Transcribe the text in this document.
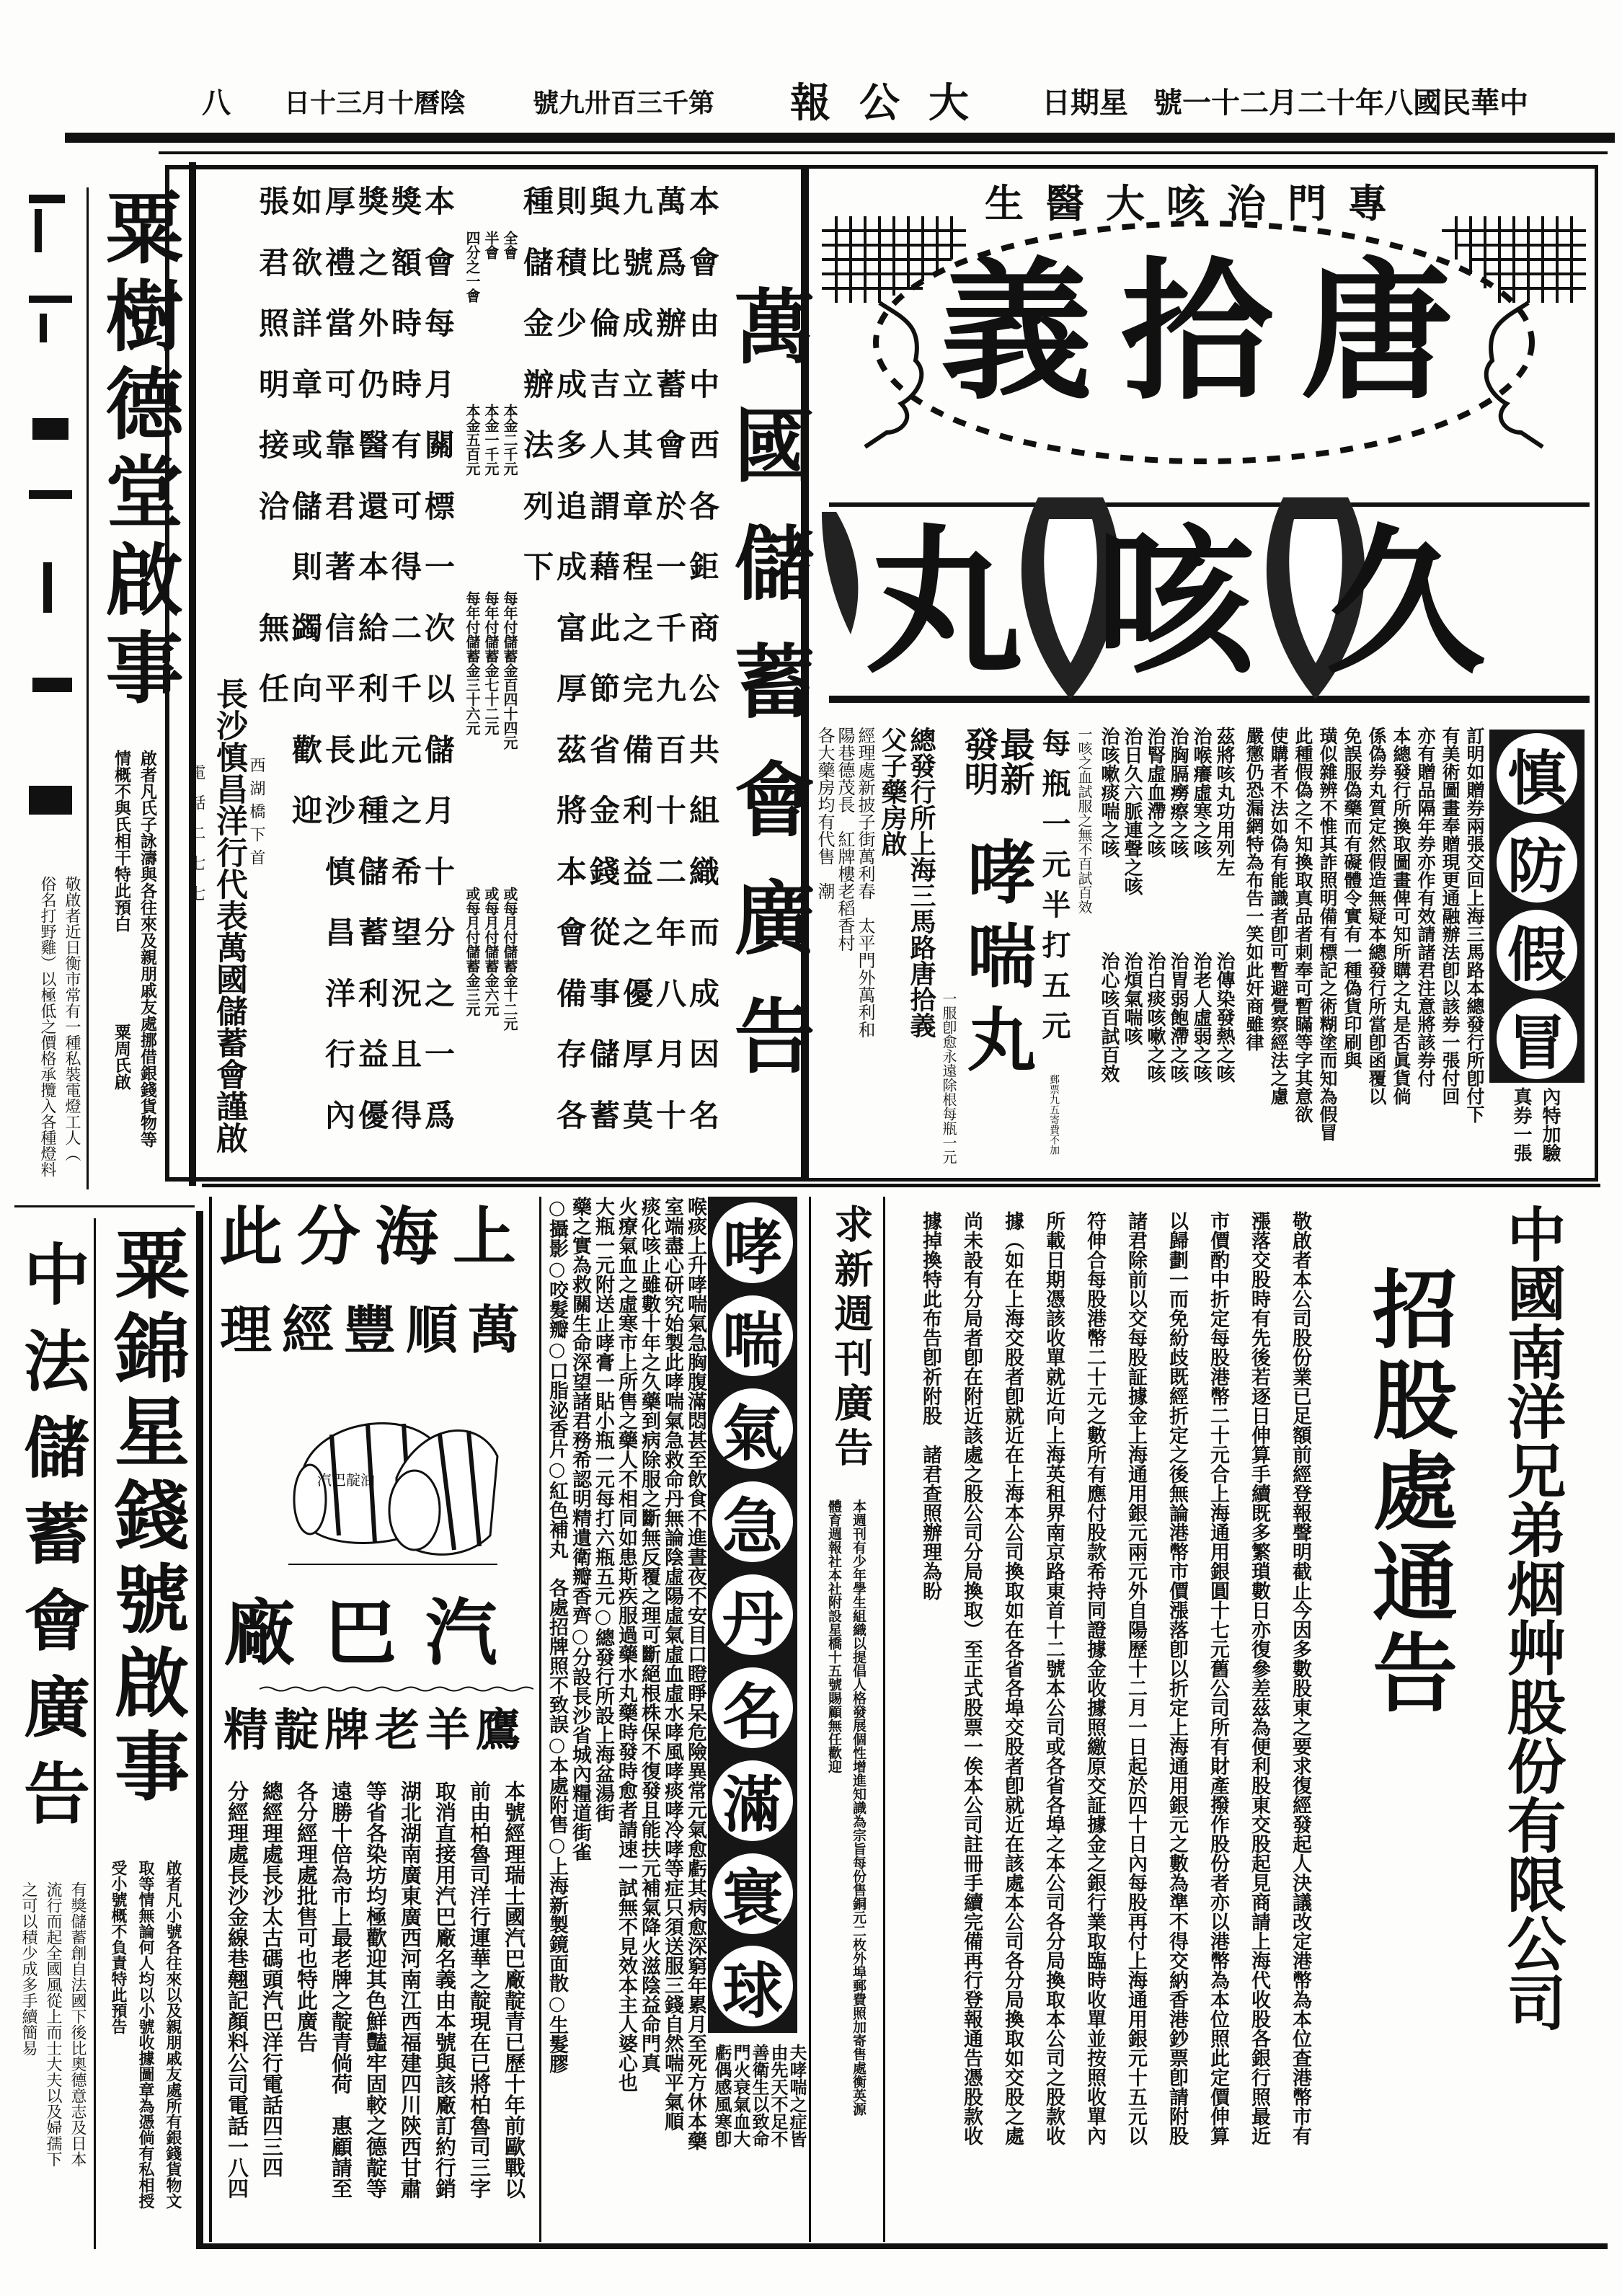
中華民國八年十二月二十一號
星期日
大公報
第千三百卅九號
陰曆十月三十日
八
粟樹德堂啟事
啟者凡氏子詠濤與各往來及親朋戚友處挪借銀錢貨物等
情概不與氏相干特此預白
粟周氏啟
敬啟者近日衡市常有一種私裝電燈工人（
俗名打野雞）以極低之價格承攬入各種燈料
粟錦星錢號啟事
啟者凡小號各往來以及親朋戚友處所有銀錢貨物文
取等情無論何人均以小號收據圖章為憑倘有私相授
受小號概不負責特此預告
中法儲蓄會廣告
有獎儲蓄創自法國下後比奧德意志及日本
流行而起全國風從上而士大夫以及婦孺下
之可以積少成多手續簡易
萬國儲蓄會廣告
本萬九與則種
會爲號比積儲
由辦成倫少金
中蓄立吉成辦
西會其人多法
各於章謂追列
鉅一程藉成下
商千之此富
公九完節厚
共百備省茲
組十利金將
織二益錢本
而年之從會
成八優事備
因月厚儲存
名十莫蓄各
本獎獎厚如張
會額之禮欲君
每時外當詳照
月時仍可章明
關有醫靠或接
標可還君儲洽
一得本著則
次二給信蠲無
以千利平向任
儲元此長歡
月之種沙迎
十希儲慎
分望蓄昌
之況利洋
一且益行
爲得優內
全會
半會
四分之一會
本金二千元
本金一千元
本金五百元
每年付儲蓄金百四十四元
每年付儲蓄金七十二元
每年付儲蓄金三十六元
或每月付儲蓄金十二元
或每月付儲蓄金六元
或每月付儲蓄金三元
長沙慎昌洋行代表萬國儲蓄會謹啟 西湖橋下首
電話二七七
專門治咳大醫生
唐拾義
久咳丸
慎
防
假
冒
內特加驗
真券一張
訂明如贈券兩張交回上海三馬路本總發行所卽付下
有美術圖畫奉贈現更通融辦法卽以該券一張付回
亦有贈品隔年券亦作有效請諸君注意將該券付
本總發行所換取圖畫俾可知所購之丸是否眞貨倘
係偽券丸質定然假造無疑本總發行所當卽函覆以
免誤服偽藥而有礙體令實有一種偽貨印刷與
璜似雜辨不惟其詐照明備有標記之術糊塗而知為假冒
此種假偽之不知換取真品者刺奉可暫瞞等字其意欲
使購者不法如偽有能識者卽可暫避覺察經法之慮
嚴懲仍恐漏網特為布告一笑如此奸商雖律
茲將咳丸功用列左
治喉癢虛寒之咳
治胸膈癆瘵之咳
治腎虛血滯之咳
治日久六脈連聲之咳
治咳嗽痰喘之咳
治傳染發熱之咳
治老人虛弱之咳
治胃弱飽滯之咳
治白痰咳嗽之咳
治煩氣喘咳
治心咳百試百效
一咳之血試服之無不百試百效
每瓶一元半打五元
郵票九五寄費不加
最新發明
哮喘丸
一服卽愈永遠除根每瓶一元
總發行所上海三馬路唐拾義
父子藥房啟
經理處新披子街萬利春　太平門外萬利和
陽巷德茂長　紅牌樓老稻香村
各大藥房均有代售　潮
上海分此
萬順豐經理
汽巴靛油
汽巴廠
鷹羊老牌靛精
本號經理瑞士國汽巴廠靛青已歷十年前歐戰以
前由柏魯司洋行運華之靛現在已將柏魯司三字
取消直接用汽巴廠名義由本號與該廠訂約行銷
湖北湖南廣東廣西河南江西福建四川陝西甘肅
等省各染坊均極歡迎其色鮮豔牢固較之德靛等
遠勝十倍為市上最老牌之靛青倘荷　惠顧請至
各分經理處批售可也特此廣告
總經理處長沙太古碼頭汽巴洋行電話四三四
分經理處長沙金線巷翹記顏料公司電話一八四
哮
喘
氣
急
丹
名
滿
寰
球
喉痰上升哮喘氣急胸腹滿悶甚至飲食不進晝夜不安目口瞪睜呆危險異常元氣愈虧其病愈深窮年累月至死方休本藥
室端盡心研究始製此哮喘氣急救命丹無論陰虛陽虛氣虛血虛水哮風哮痰哮冷哮等症只須送服三錢自然喘平氣順
痰化咳止雖數十年之久藥到病除服之斷無反覆之理可斷絕根株保不復發且能扶元補氣降火滋陰益命門真
火療氣血之虛寒市上所售之藥人不相同如患斯疾服過藥水丸藥時發時愈者請速一試無不見效本主人婆心也
大瓶一元附送止哮膏一貼小瓶一元每打六瓶五元○總發行所設上海盆湯街
藥之實為救關生命深望諸君務希認明精遺衛瓣香齊○分設長沙省城內糧道街雀
○攝影○咬髮瓣○口脂泌香片○紅色補丸　各處招牌照不致誤○本處附售○上海新製鏡面散○生髮膠
夫哮喘之症皆
由先天不足不
善衛生以致命
門火衰氣血大
虧偶感風寒卽
求新週刊廣告
本週刊有少年學生組織以提倡人格發展個性增進知識為宗旨每份售銅元二枚外埠郵費照加寄售處衡英源
體育週報社本社附設星橋十五號賜顧無任歡迎	中國南洋兄弟烟艸股份有限公司
招股處通告
敬啟者本公司股份業已足額前經登報聲明截止今因多數股東之要求復經發起人決議改定港幣為本位查港幣市有
漲落交股時有先後若逐日伸算手續既多繁瑣數日亦復參差茲為便利股東交股起見商請上海代收股各銀行照最近
市價酌中折定每股港幣二十元合上海通用銀圓十七元舊公司所有財產撥作股份者亦以港幣為本位照此定價伸算
以歸劃一而免紛歧既經折定之後無論港幣市價漲落卽以折定上海通用銀元之數為準不得交納香港鈔票卽請附股
諸君除前以交每股証據金上海通用銀元兩元外自陽歷十二月一日起於四十日內每股再付上海通用銀元十五元以
符伸合每股港幣二十元之數所有應付股款希持同證據金收據照繳原交証據金之銀行業取臨時收單並按照收單內
所載日期憑該收單就近向上海英租界南京路東首十二號本公司或各省各埠之本公司各分局換取本公司之股款收
據（如在上海交股者卽就近在上海本公司換取如在各省各埠交股者卽就近在該處本公司各分局換取如交股之處
尚未設有分局者卽在附近該處之股公司分局換取）至正式股票一俟本公司註冊手續完備再行登報通告憑股款收
據掉換特此布告卽祈附股　諸君查照辦理為盼
